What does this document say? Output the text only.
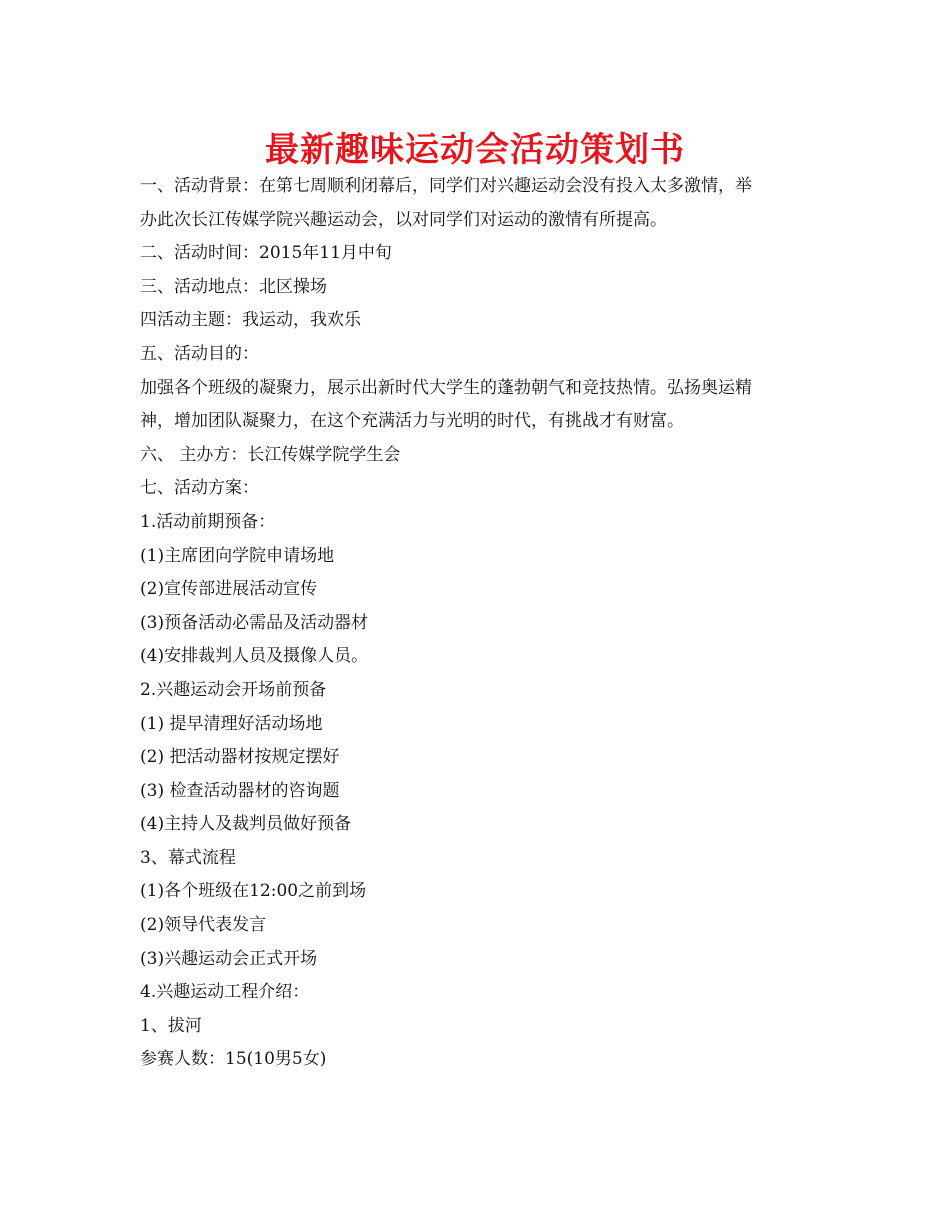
最新趣味运动会活动策划书
一、活动背景：在第七周顺利闭幕后，同学们对兴趣运动会没有投入太多激情，举
办此次长江传媒学院兴趣运动会，以对同学们对运动的激情有所提高。
二、活动时间：2015年11月中旬
三、活动地点：北区操场
四活动主题：我运动，我欢乐
五、活动目的：
加强各个班级的凝聚力，展示出新时代大学生的蓬勃朝气和竞技热情。弘扬奥运精
神，增加团队凝聚力，在这个充满活力与光明的时代，有挑战才有财富。
六、 主办方：长江传媒学院学生会
七、活动方案：
1.活动前期预备：
(1)主席团向学院申请场地
(2)宣传部进展活动宣传
(3)预备活动必需品及活动器材
(4)安排裁判人员及摄像人员。
2.兴趣运动会开场前预备
(1) 提早清理好活动场地
(2) 把活动器材按规定摆好
(3) 检查活动器材的咨询题
(4)主持人及裁判员做好预备
3、幕式流程
(1)各个班级在12:00之前到场
(2)领导代表发言
(3)兴趣运动会正式开场
4.兴趣运动工程介绍：
1、拔河
参赛人数：15(10男5女)
